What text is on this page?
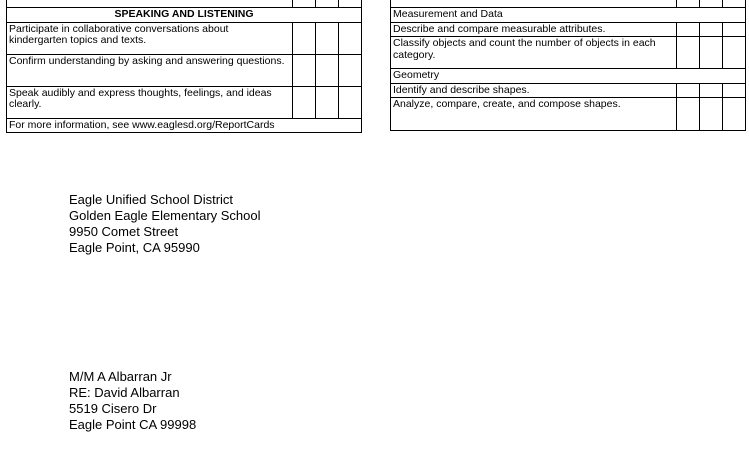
SPEAKING AND LISTENING			
Participate in collaborative conversations about kindergarten topics and texts.			
Confirm understanding by asking and answering questions.			
Speak audibly and express thoughts, feelings, and ideas clearly.			
For more information, see www.eaglesd.org/ReportCards			

Measurement and Data			
Describe and compare measurable attributes.			
Classify objects and count the number of objects in each category.			
Geometry			
Identify and describe shapes.			
Analyze, compare, create, and compose shapes.			
Eagle Unified School District
Golden Eagle Elementary School
9950 Comet Street
Eagle Point, CA 95990
M/M A Albarran Jr
RE: David Albarran
5519 Cisero Dr
Eagle Point CA 99998
